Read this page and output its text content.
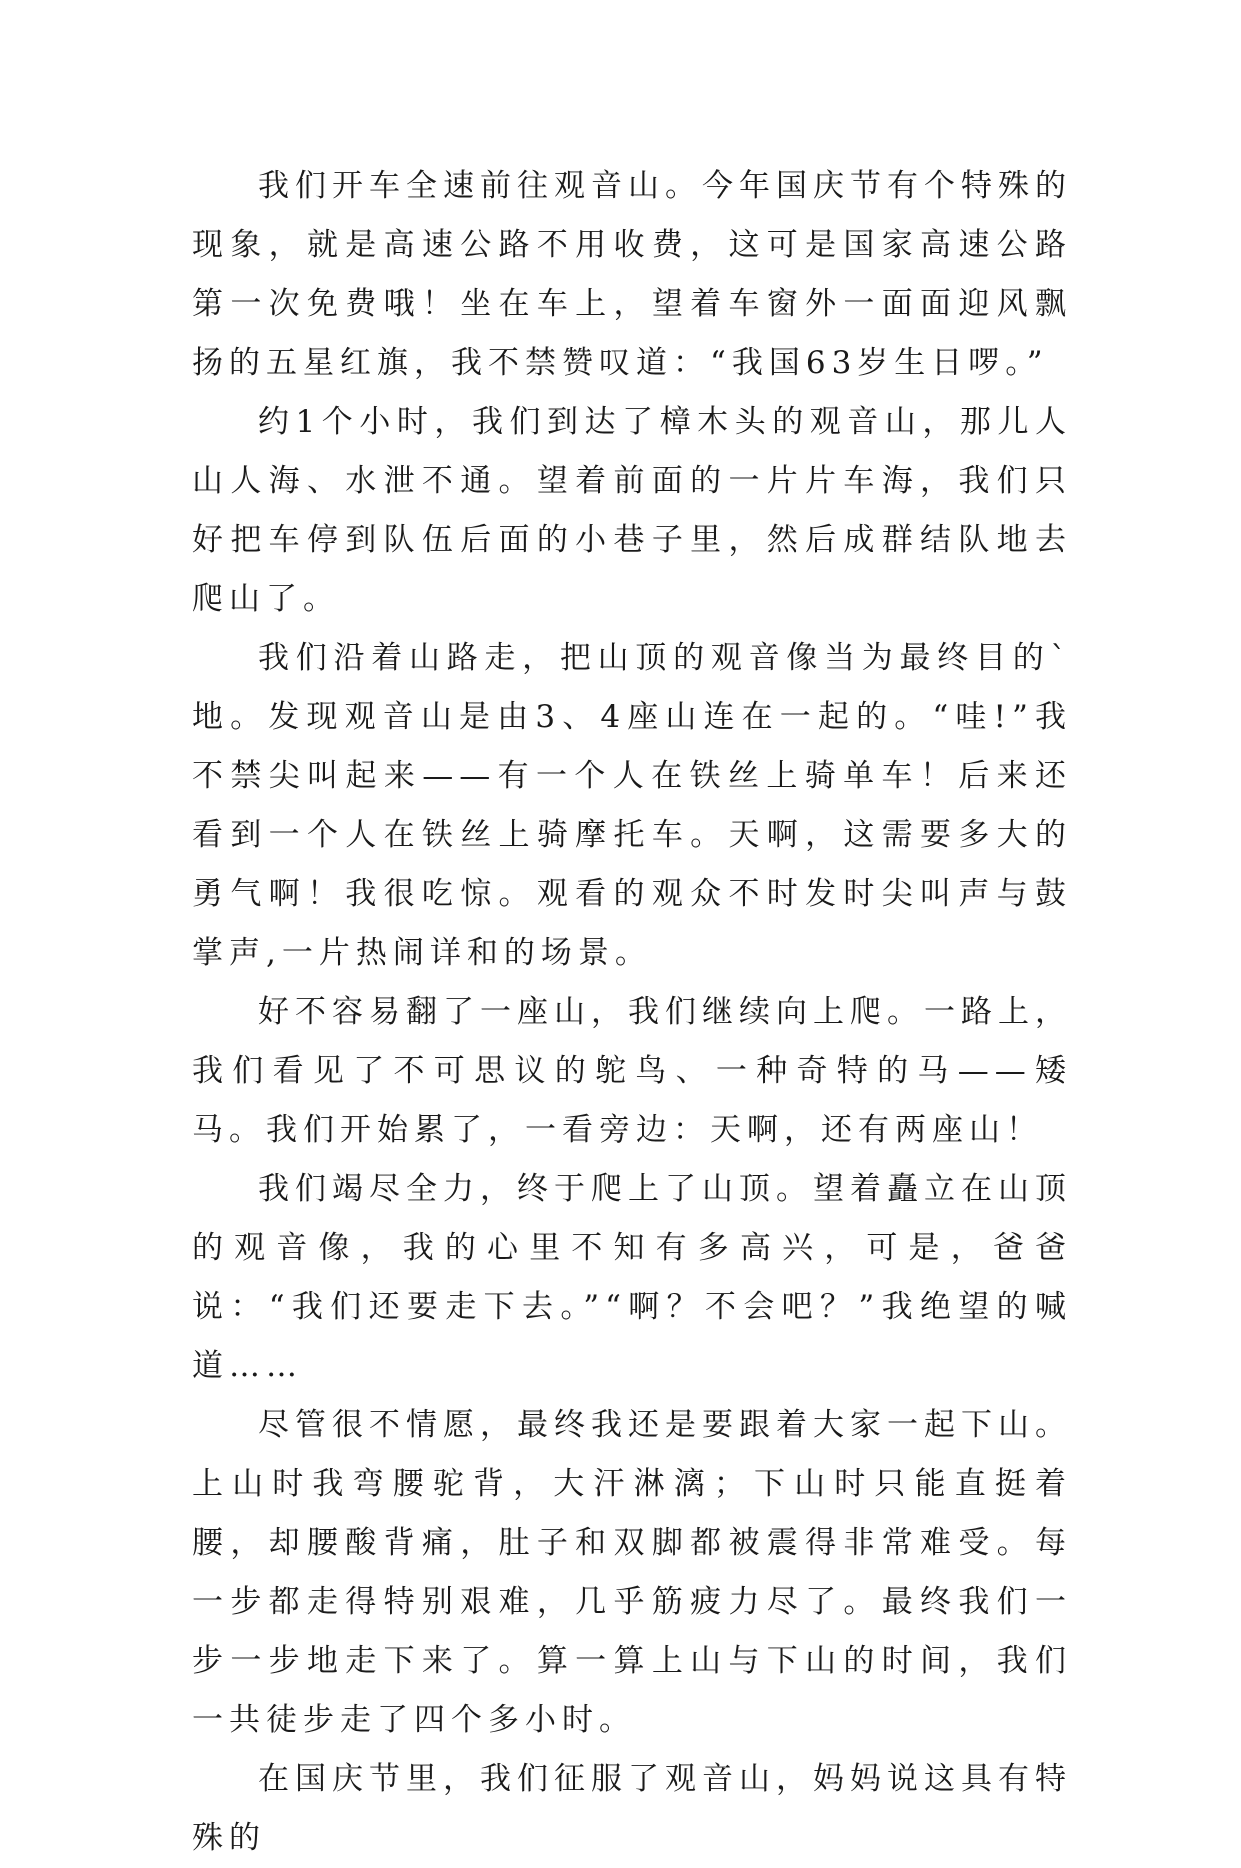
我们开车全速前往观音山。今年国庆节有个特殊的现象，就是高速公路不用收费，这可是国家高速公路第一次免费哦！坐在车上，望着车窗外一面面迎风飘扬的五星红旗，我不禁赞叹道：“我国63岁生日啰。”

约1个小时，我们到达了樟木头的观音山，那儿人山人海、水泄不通。望着前面的一片片车海，我们只好把车停到队伍后面的小巷子里，然后成群结队地去爬山了。

我们沿着山路走，把山顶的观音像当为最终目的`地。发现观音山是由3、4座山连在一起的。“哇!”我不禁尖叫起来——有一个人在铁丝上骑单车！后来还看到一个人在铁丝上骑摩托车。天啊，这需要多大的勇气啊！我很吃惊。观看的观众不时发时尖叫声与鼓掌声,一片热闹详和的场景。

好不容易翻了一座山，我们继续向上爬。一路上，我们看见了不可思议的鸵鸟、一种奇特的马——矮马。我们开始累了，一看旁边：天啊，还有两座山！

我们竭尽全力，终于爬上了山顶。望着矗立在山顶的观音像，我的心里不知有多高兴，可是，爸爸说：“我们还要走下去。”“啊？不会吧？”我绝望的喊道……

尽管很不情愿，最终我还是要跟着大家一起下山。上山时我弯腰驼背，大汗淋漓；下山时只能直挺着腰，却腰酸背痛，肚子和双脚都被震得非常难受。每一步都走得特别艰难，几乎筋疲力尽了。最终我们一步一步地走下来了。算一算上山与下山的时间，我们一共徒步走了四个多小时。

在国庆节里，我们征服了观音山，妈妈说这具有特殊的
